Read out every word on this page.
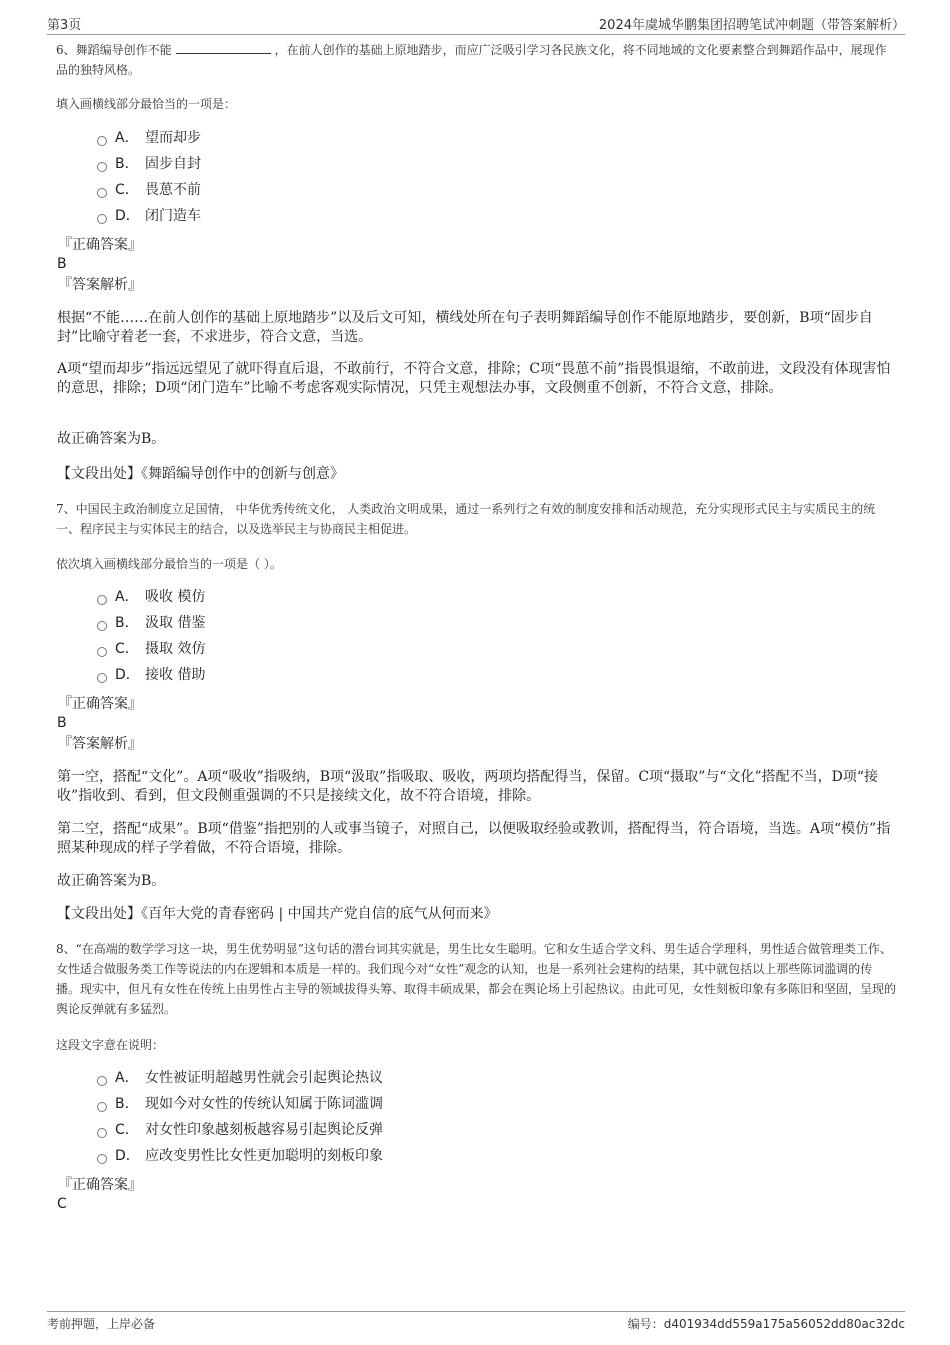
第3页	2024年虞城华鹏集团招聘笔试冲刺题（带答案解析）
6、舞蹈编导创作不能	，在前人创作的基础上原地踏步，而应广泛吸引学习各民族文化，将不同地域的文化要素整合到舞蹈作品中，展现作品的独特风格。
填入画横线部分最恰当的一项是：
A． 望而却步
B． 固步自封
C． 畏葸不前
D． 闭门造车
『正确答案』
B
『答案解析』
根据“不能……在前人创作的基础上原地踏步”以及后文可知，横线处所在句子表明舞蹈编导创作不能原地踏步，要创新，B项“固步自封”比喻守着老一套，不求进步，符合文意，当选。
A项“望而却步”指远远望见了就吓得直后退，不敢前行，不符合文意，排除；C项“畏葸不前”指畏惧退缩，不敢前进，文段没有体现害怕的意思，排除；D项“闭门造车”比喻不考虑客观实际情况，只凭主观想法办事，文段侧重不创新，不符合文意，排除。
故正确答案为B。
【文段出处】《舞蹈编导创作中的创新与创意》
7、中国民主政治制度立足国情， 中华优秀传统文化， 人类政治文明成果，通过一系列行之有效的制度安排和活动规范，充分实现形式民主与实质民主的统一、程序民主与实体民主的结合，以及选举民主与协商民主相促进。
依次填入画横线部分最恰当的一项是（ ）。
A． 吸收 模仿
B． 汲取 借鉴
C． 摄取 效仿
D． 接收 借助
『正确答案』
B
『答案解析』
第一空，搭配“文化”。A项“吸收”指吸纳，B项“汲取”指吸取、吸收，两项均搭配得当，保留。C项“摄取”与“文化”搭配不当，D项“接收”指收到、看到，但文段侧重强调的不只是接续文化，故不符合语境，排除。
第二空，搭配“成果”。B项“借鉴”指把别的人或事当镜子，对照自己，以便吸取经验或教训，搭配得当，符合语境，当选。A项“模仿”指照某种现成的样子学着做，不符合语境，排除。
故正确答案为B。
【文段出处】《百年大党的青春密码 | 中国共产党自信的底气从何而来》
8、“在高端的数学学习这一块，男生优势明显”这句话的潜台词其实就是，男生比女生聪明。它和女生适合学文科、男生适合学理科，男性适合做管理类工作、女性适合做服务类工作等说法的内在逻辑和本质是一样的。我们现今对“女性”观念的认知，也是一系列社会建构的结果，其中就包括以上那些陈词滥调的传播。现实中，但凡有女性在传统上由男性占主导的领域拔得头筹、取得丰硕成果，都会在舆论场上引起热议。由此可见，女性刻板印象有多陈旧和坚固，呈现的舆论反弹就有多猛烈。
这段文字意在说明：
A． 女性被证明超越男性就会引起舆论热议
B． 现如今对女性的传统认知属于陈词滥调
C． 对女性印象越刻板越容易引起舆论反弹
D． 应改变男性比女性更加聪明的刻板印象
『正确答案』
C
考前押题，上岸必备	编号：d401934dd559a175a56052dd80ac32dc
